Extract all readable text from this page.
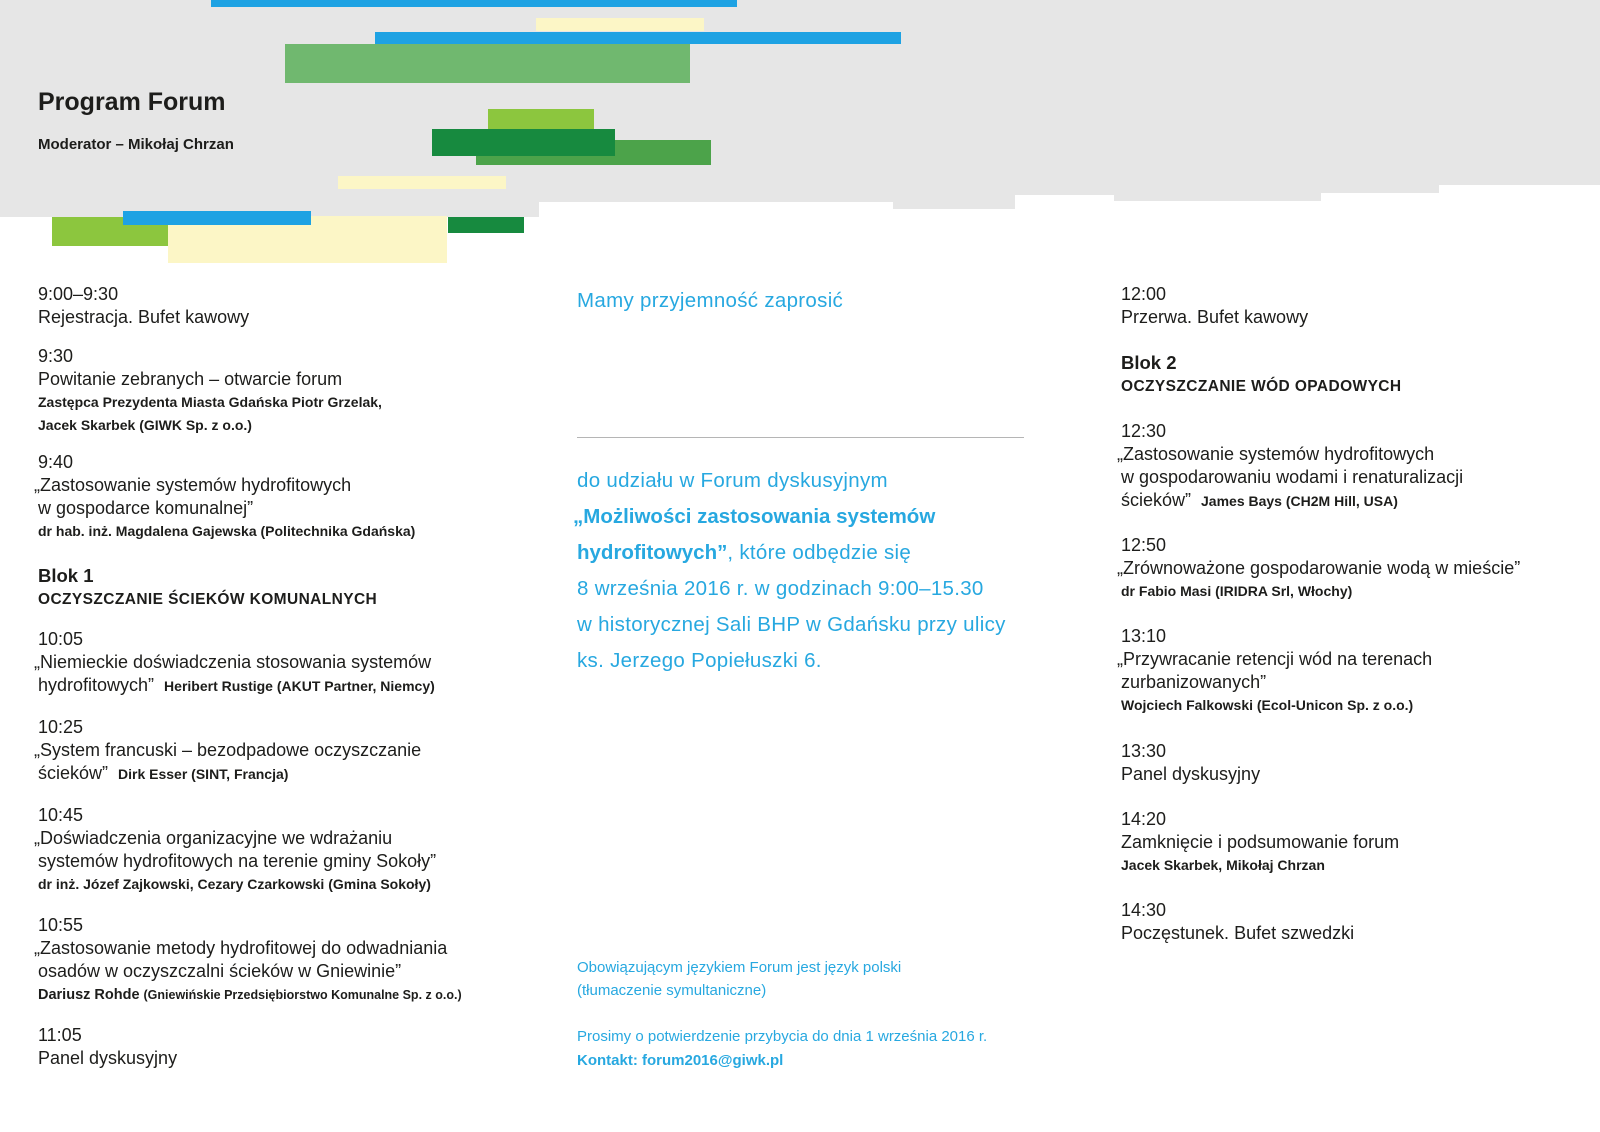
Program Forum
Moderator – Mikołaj Chrzan
9:00–9:30
Rejestracja. Bufet kawowy
9:30
Powitanie zebranych – otwarcie forum
Zastępca Prezydenta Miasta Gdańska Piotr Grzelak,
Jacek Skarbek (GIWK Sp. z o.o.)
9:40
„Zastosowanie systemów hydrofitowych
w gospodarce komunalnej”
dr hab. inż. Magdalena Gajewska (Politechnika Gdańska)
Blok 1
OCZYSZCZANIE ŚCIEKÓW KOMUNALNYCH
10:05
„Niemieckie doświadczenia stosowania systemów
hydrofitowych” Heribert Rustige (AKUT Partner, Niemcy)
10:25
„System francuski – bezodpadowe oczyszczanie
ścieków” Dirk Esser (SINT, Francja)
10:45
„Doświadczenia organizacyjne we wdrażaniu
systemów hydrofitowych na terenie gminy Sokoły”
dr inż. Józef Zajkowski, Cezary Czarkowski (Gmina Sokoły)
10:55
„Zastosowanie metody hydrofitowej do odwadniania
osadów w oczyszczalni ścieków w Gniewinie”
Dariusz Rohde (Gniewińskie Przedsiębiorstwo Komunalne Sp. z o.o.)
11:05
Panel dyskusyjny
Mamy przyjemność zaprosić
do udziału w Forum dyskusyjnym
„Możliwości zastosowania systemów
hydrofitowych”, które odbędzie się
8 września 2016 r. w godzinach 9:00–15.30
w historycznej Sali BHP w Gdańsku przy ulicy
ks. Jerzego Popiełuszki 6.
Obowiązującym językiem Forum jest język polski
(tłumaczenie symultaniczne)
Prosimy o potwierdzenie przybycia do dnia 1 września 2016 r.
Kontakt: forum2016@giwk.pl
12:00
Przerwa. Bufet kawowy
Blok 2
OCZYSZCZANIE WÓD OPADOWYCH
12:30
„Zastosowanie systemów hydrofitowych
w gospodarowaniu wodami i renaturalizacji
ścieków” James Bays (CH2M Hill, USA)
12:50
„Zrównoważone gospodarowanie wodą w mieście”
dr Fabio Masi (IRIDRA Srl, Włochy)
13:10
„Przywracanie retencji wód na terenach
zurbanizowanych”
Wojciech Falkowski (Ecol-Unicon Sp. z o.o.)
13:30
Panel dyskusyjny
14:20
Zamknięcie i podsumowanie forum
Jacek Skarbek, Mikołaj Chrzan
14:30
Poczęstunek. Bufet szwedzki
